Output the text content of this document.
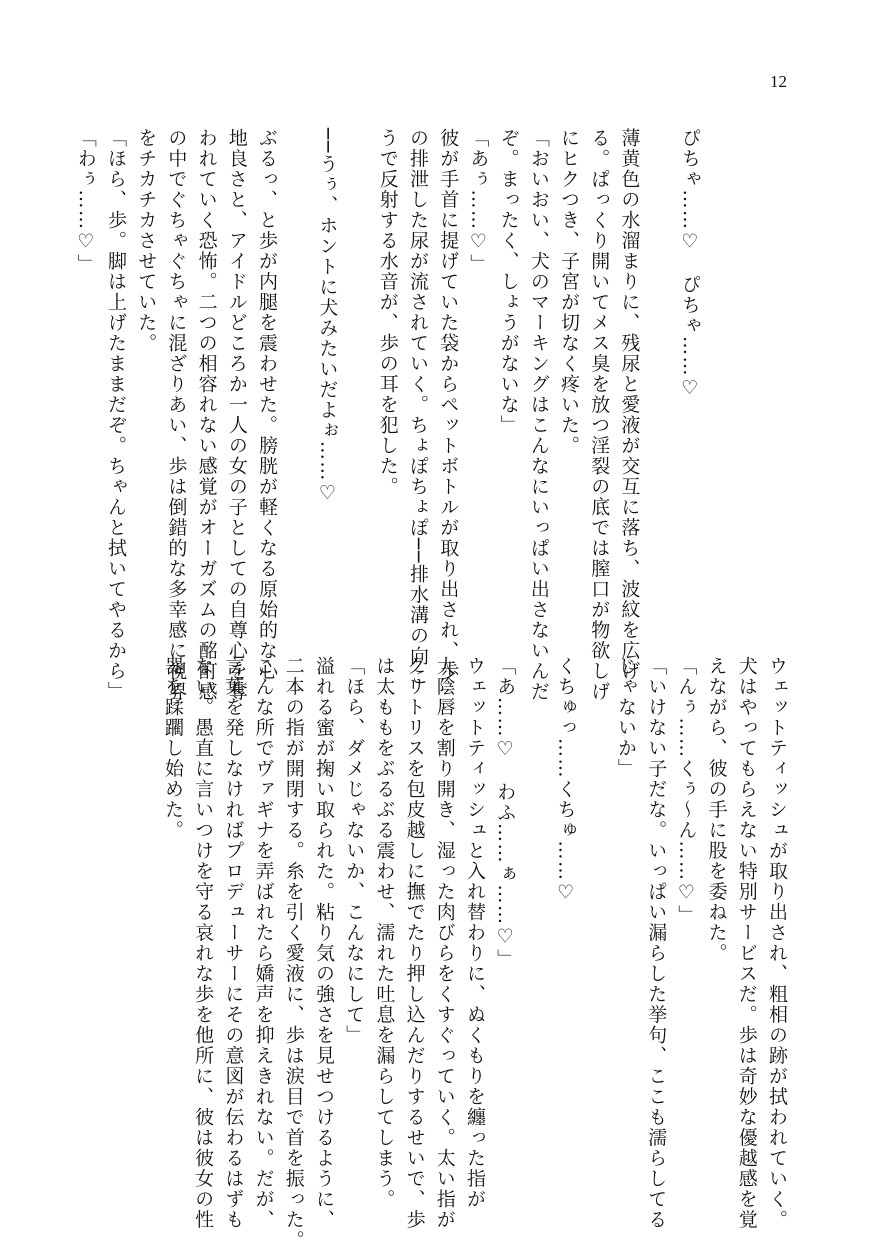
12

ぴちゃ……♡　ぴちゃ……♡

薄黄色の水溜まりに、残尿と愛液が交互に落ち、波紋を広げ

る。ぱっくり開いてメス臭を放つ淫裂の底では膣口が物欲しげ

にヒクつき、子宮が切なく疼いた。

「おいおい、犬のマーキングはこんなにいっぱい出さないんだ

ぞ。まったく、しょうがないな」

「あぅ……♡」

彼が手首に提げていた袋からペットボトルが取り出され、歩

の排泄した尿が流されていく。ちょぽちょぽ──排水溝の向こ

うで反射する水音が、歩の耳を犯した。

──うぅ、ホントに犬みたいだよぉ……♡

ぶるっ、と歩が内腿を震わせた。膀胱が軽くなる原始的な心

地良さと、アイドルどころか一人の女の子としての自尊心を奪

われていく恐怖。二つの相容れない感覚がオーガズムの酩酊感

の中でぐちゃぐちゃに混ざりあい、歩は倒錯的な多幸感に視界

をチカチカさせていた。

「ほら、歩。脚は上げたままだぞ。ちゃんと拭いてやるから」

「わぅ……♡」

ウェットティッシュが取り出され、粗相の跡が拭われていく。

犬はやってもらえない特別サービスだ。歩は奇妙な優越感を覚

えながら、彼の手に股を委ねた。

「んぅ……くぅ〜ん……♡」

「いけない子だな。いっぱい漏らした挙句、ここも濡らしてる

じゃないか」

くちゅっ……くちゅ……♡

「あ……♡　わふ……ぁ……♡」

ウェットティッシュと入れ替わりに、ぬくもりを纏った指が

大陰唇を割り開き、湿った肉びらをくすぐっていく。太い指が

クリトリスを包皮越しに撫でたり押し込んだりするせいで、歩

は太ももをぶるぶる震わせ、濡れた吐息を漏らしてしまう。

「ほら、ダメじゃないか、こんなにして」

溢れる蜜が掬い取られた。粘り気の強さを見せつけるように、

二本の指が開閉する。糸を引く愛液に、歩は涙目で首を振った。

こんな所でヴァギナを弄ばれたら嬌声を抑えきれない。だが、

言葉を発しなければプロデューサーにその意図が伝わるはずも

ない。愚直に言いつけを守る哀れな歩を他所に、彼は彼女の性

器を蹂躙し始めた。
